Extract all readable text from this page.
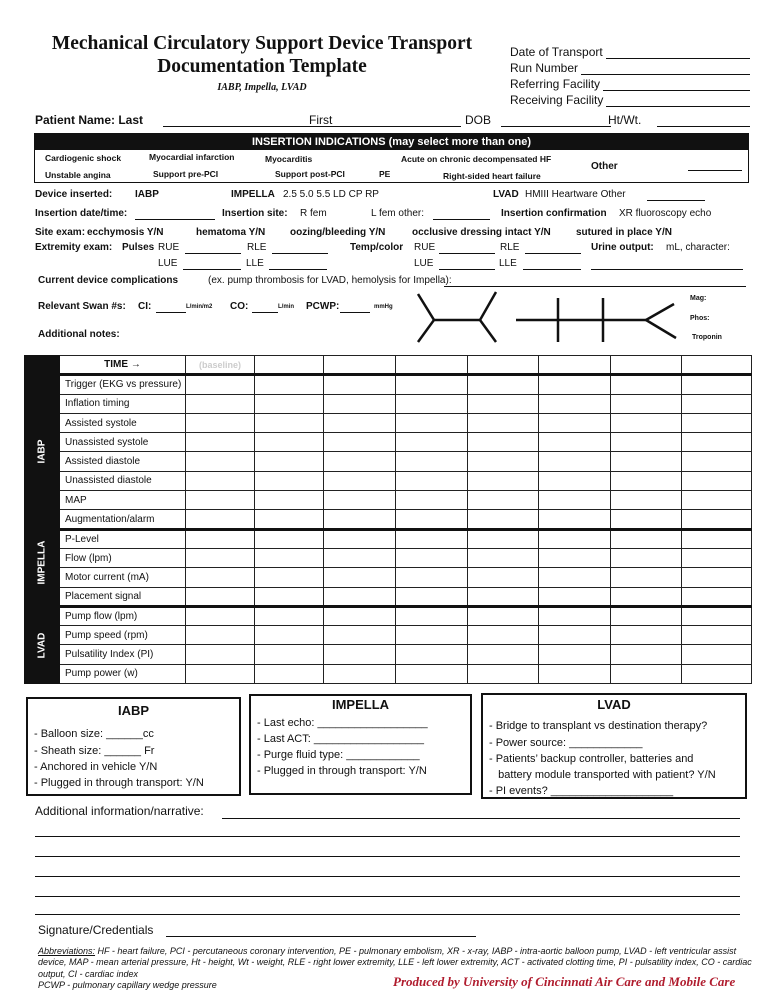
Mechanical Circulatory Support Device Transport
Documentation Template
IABP, Impella, LVAD
Date of Transport
Run Number
Referring Facility
Receiving Facility
Patient Name: Last	First	DOB	Ht/Wt.
INSERTION INDICATIONS (may select more than one)
Cardiogenic shock	Myocardial infarction	Myocarditis	Acute on chronic decompensated HF
Unstable angina	Support pre-PCI	Support post-PCI	PE	Right-sided heart failure
Other
Device inserted: IABP	IMPELLA 2.5 5.0 5.5 LD CP RP	LVAD HMIII Heartware Other
Insertion date/time:	Insertion site: R fem	L fem other:	Insertion confirmation XR fluoroscopy echo
Site exam: ecchymosis Y/N	hematoma Y/N oozing/bleeding Y/N	occlusive dressing intact Y/N	sutured in place Y/N
Extremity exam: Pulses RUE	RLE
LUE	LLE
Temp/color RUE	RLE
LUE	LLE
Urine output: mL, character:
Current device complications	(ex. pump thrombosis for LVAD, hemolysis for Impella):
Relevant Swan #s: CI:	L/min/m2 CO:	L/min PCWP:	mmHg
Additional notes:
Mag:
Phos:
Troponin
	TIME →	(baseline)							

IABP	Trigger (EKG vs pressure)								
	Inflation timing								
	Assisted systole								
	Unassisted systole								
	Assisted diastole								
	Unassisted diastole								
	MAP								
	Augmentation/alarm								

IMPELLA	P-Level								
	Flow (lpm)								
	Motor current (mA)								
	Placement signal								

LVAD	Pump flow (lpm)								
	Pump speed (rpm)								
	Pulsatility Index (PI)								
	Pump power (w)								
IABP
- Balloon size: ______cc
- Sheath size: ______ Fr
- Anchored in vehicle Y/N
- Plugged in through transport: Y/N
IMPELLA
- Last echo: __________________
- Last ACT: __________________
- Purge fluid type: ____________
- Plugged in through transport: Y/N
LVAD
- Bridge to transplant vs destination therapy?
- Power source: ____________
- Patients’ backup controller, batteries and
battery module transported with patient? Y/N
- PI events? ____________________
Additional information/narrative:
Signature/Credentials
Abbreviations: HF - heart failure, PCI - percutaneous coronary intervention, PE - pulmonary embolism, XR - x-ray, IABP - intra-aortic balloon pump, LVAD - left ventricular assist device, MAP - mean arterial pressure, Ht - height, Wt - weight, RLE - right lower extremity, LLE - left lower extremity, ACT - activated clotting time, PI - pulsatility index, CO - cardiac output, CI - cardiac index
PCWP - pulmonary capillary wedge pressure	Produced by University of Cincinnati Air Care and Mobile Care
